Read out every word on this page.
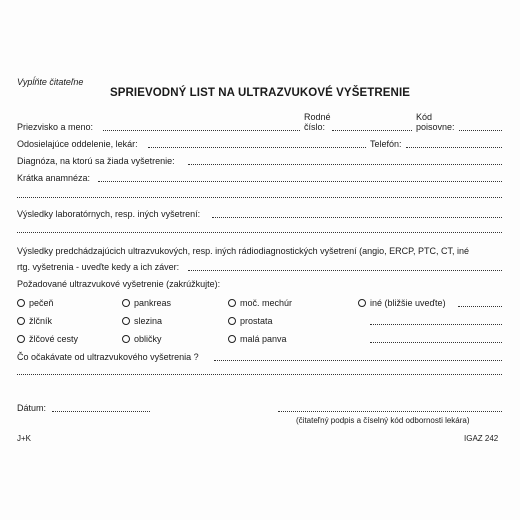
Vypĺňte čitateľne
SPRIEVODNÝ LIST NA ULTRAZVUKOVÉ VYŠETRENIE
Priezvisko a meno:
Rodné
číslo:
Kód
poisovne:
Odosielajúce oddelenie, lekár:	Telefón:
Diagnóza, na ktorú sa žiada vyšetrenie:
Krátka anamnéza:
Výsledky laboratórnych, resp. iných vyšetrení:
Výsledky predchádzajúcich ultrazvukových, resp. iných rádiodiagnostických vyšetrení (angio, ERCP, PTC, CT, iné
rtg. vyšetrenia - uveďte kedy a ich záver:
Požadované ultrazvukové vyšetrenie (zakrúžkujte):
pečeň
žlčník
žlčové cesty
pankreas
slezina
obličky
moč. mechúr
prostata
malá panva
iné (bližšie uveďte)
Čo očakávate od ultrazvukového vyšetrenia ?
Dátum:
(čitateľný podpis a číselný kód odbornosti lekára)
J+K	IGAZ 242
